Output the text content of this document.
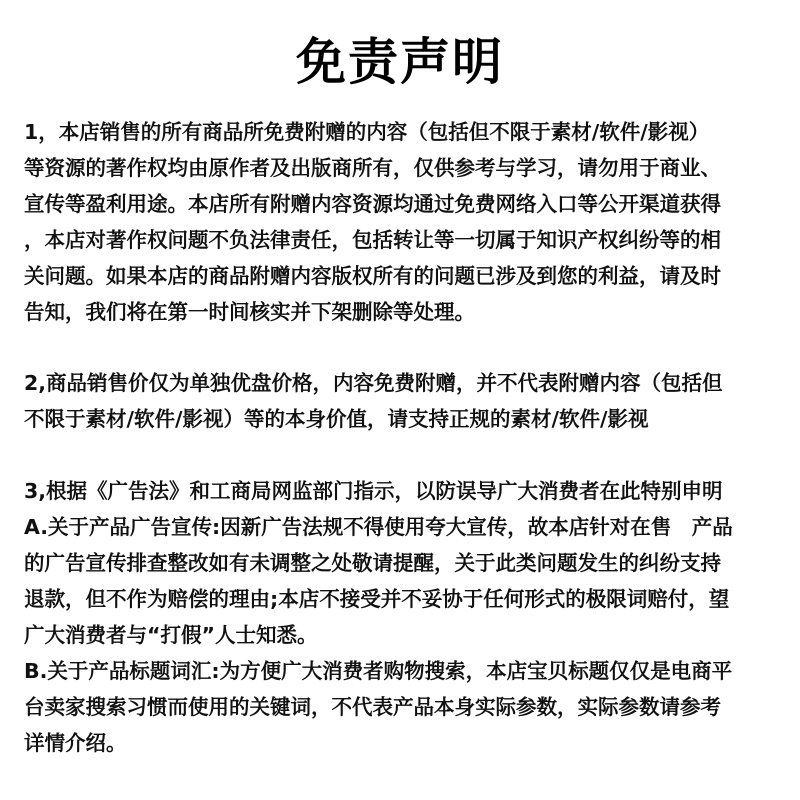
免责声明
1，本店销售的所有商品所免费附赠的内容（包括但不限于素材/软件/影视）
等资源的著作权均由原作者及出版商所有，仅供参考与学习，请勿用于商业、
宣传等盈利用途。本店所有附赠内容资源均通过免费网络入口等公开渠道获得
，本店对著作权问题不负法律责任，包括转让等一切属于知识产权纠纷等的相
关问题。如果本店的商品附赠内容版权所有的问题已涉及到您的利益，请及时
告知，我们将在第一时间核实并下架删除等处理。
2,商品销售价仅为单独优盘价格，内容免费附赠，并不代表附赠内容（包括但
不限于素材/软件/影视）等的本身价值，请支持正规的素材/软件/影视
3,根据《广告法》和工商局网监部门指示，以防误导广大消费者在此特别申明
A.关于产品广告宣传:因新广告法规不得使用夸大宣传，故本店针对在售　产品
的广告宣传排查整改如有未调整之处敬请提醒，关于此类问题发生的纠纷支持
退款，但不作为赔偿的理由;本店不接受并不妥协于任何形式的极限词赔付，望
广大消费者与“打假”人士知悉。
B.关于产品标题词汇:为方便广大消费者购物搜索，本店宝贝标题仅仅是电商平
台卖家搜索习惯而使用的关键词，不代表产品本身实际参数，实际参数请参考
详情介绍。
